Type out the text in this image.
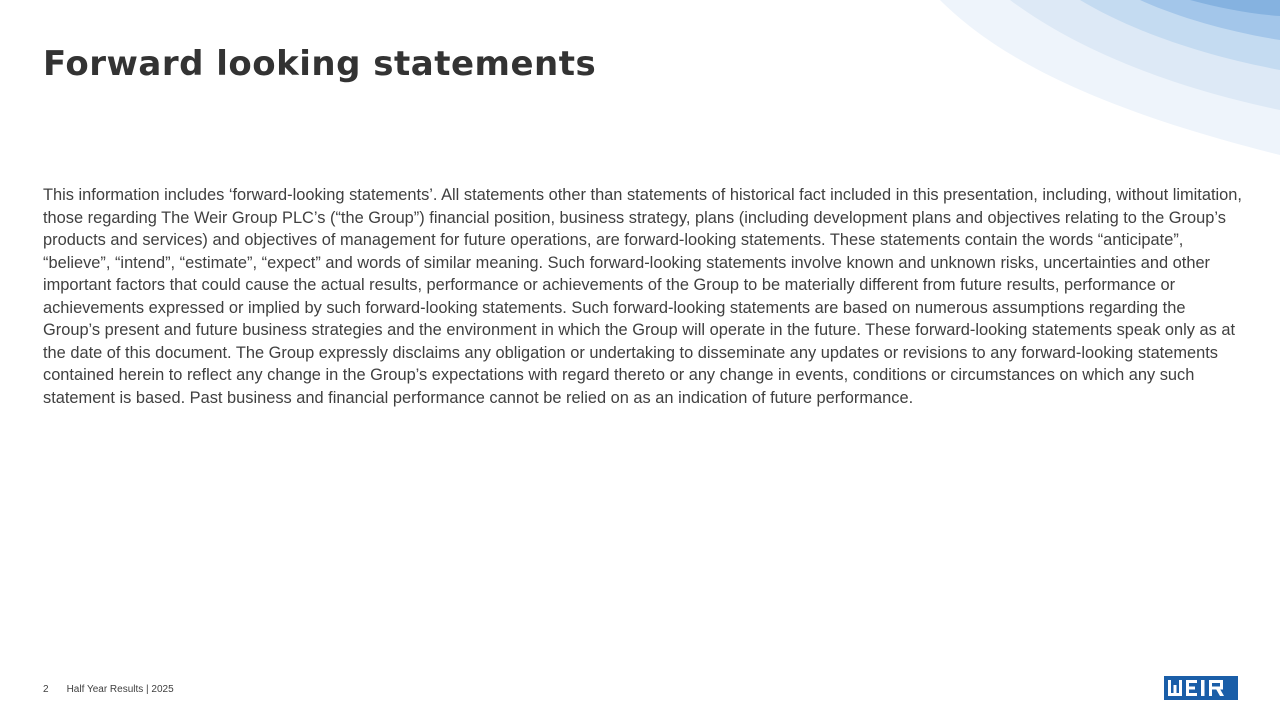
Forward looking statements

This information includes ‘forward-looking statements’. All statements other than statements of historical fact included in this presentation, including, without limitation, those regarding The Weir Group PLC’s (“the Group”) financial position, business strategy, plans (including development plans and objectives relating to the Group’s products and services) and objectives of management for future operations, are forward-looking statements. These statements contain the words “anticipate”, “believe”, “intend”, “estimate”, “expect” and words of similar meaning. Such forward-looking statements involve known and unknown risks, uncertainties and other important factors that could cause the actual results, performance or achievements of the Group to be materially different from future results, performance or achievements expressed or implied by such forward-looking statements. Such forward-looking statements are based on numerous assumptions regarding the Group’s present and future business strategies and the environment in which the Group will operate in the future. These forward-looking statements speak only as at the date of this document. The Group expressly disclaims any obligation or undertaking to disseminate any updates or revisions to any forward-looking statements contained herein to reflect any change in the Group’s expectations with regard thereto or any change in events, conditions or circumstances on which any such statement is based. Past business and financial performance cannot be relied on as an indication of future performance.

2 Half Year Results | 2025
